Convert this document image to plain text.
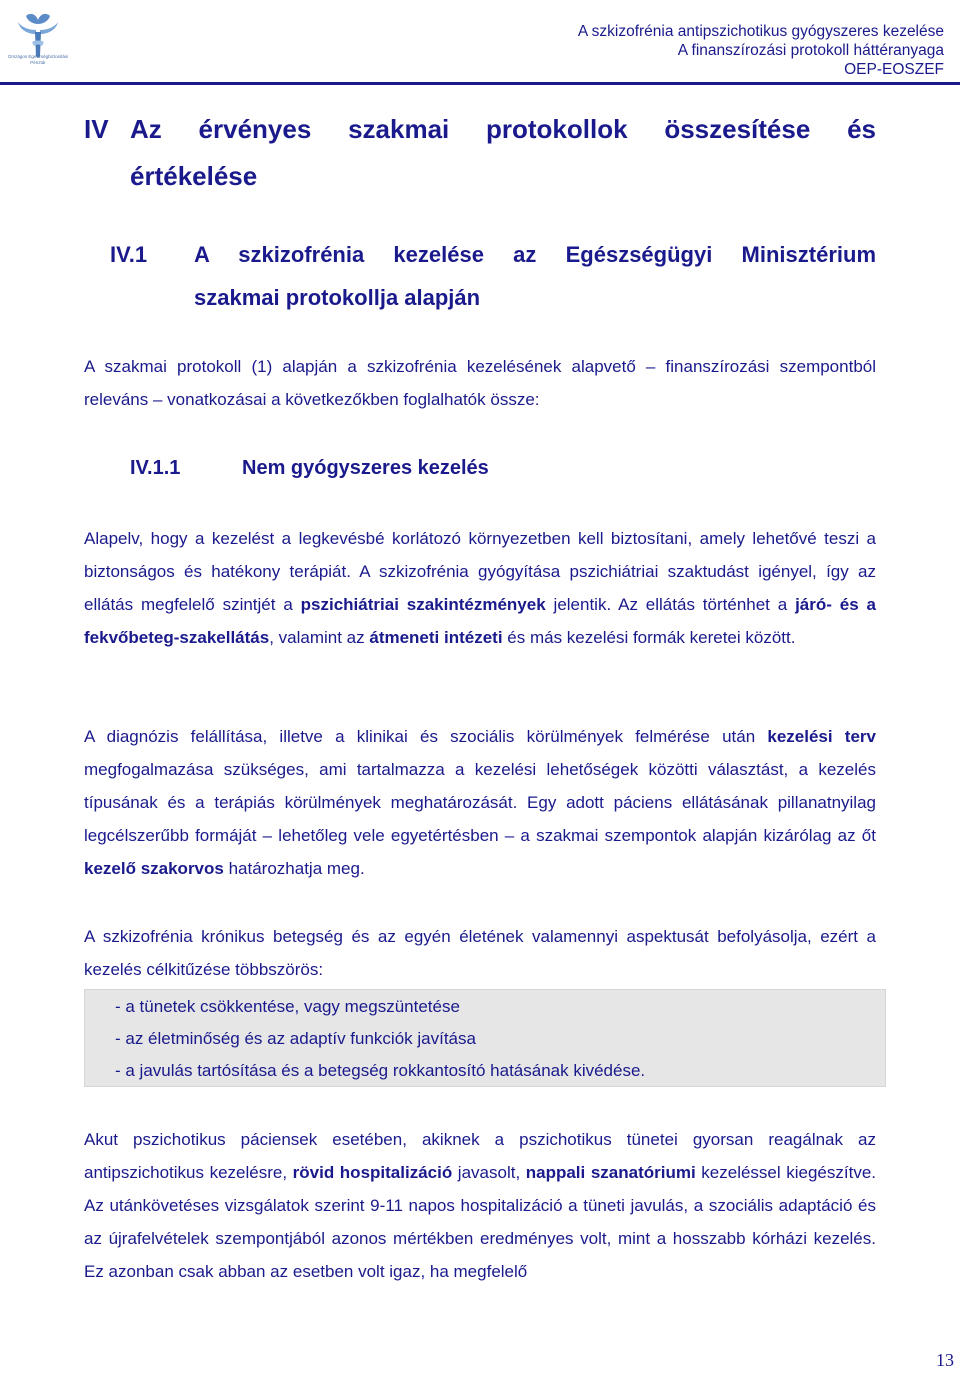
Országos Egészségbiztosítási Pénztár
A szkizofrénia antipszichotikus gyógyszeres kezelése
A finanszírozási protokoll háttéranyaga
OEP-EOSZEF
IV Az érvényes szakmai protokollok összesítése és
értékelése
IV.1 A szkizofrénia kezelése az Egészségügyi Minisztérium
szakmai protokollja alapján
A szakmai protokoll (1) alapján a szkizofrénia kezelésének alapvető – finanszírozási szempontból releváns – vonatkozásai a következőkben foglalhatók össze:
IV.1.1	Nem gyógyszeres kezelés
Alapelv, hogy a kezelést a legkevésbé korlátozó környezetben kell biztosítani, amely lehetővé teszi a biztonságos és hatékony terápiát. A szkizofrénia gyógyítása pszichiátriai szaktudást igényel, így az ellátás megfelelő szintjét a pszichiátriai szakintézmények jelentik. Az ellátás történhet a járó- és a fekvőbeteg-szakellátás, valamint az átmeneti intézeti és más kezelési formák keretei között.
A diagnózis felállítása, illetve a klinikai és szociális körülmények felmérése után kezelési terv megfogalmazása szükséges, ami tartalmazza a kezelési lehetőségek közötti választást, a kezelés típusának és a terápiás körülmények meghatározását. Egy adott páciens ellátásának pillanatnyilag legcélszerűbb formáját – lehetőleg vele egyetértésben – a szakmai szempontok alapján kizárólag az őt kezelő szakorvos határozhatja meg.
A szkizofrénia krónikus betegség és az egyén életének valamennyi aspektusát befolyásolja, ezért a kezelés célkitűzése többszörös:
- a tünetek csökkentése, vagy megszüntetése
- az életminőség és az adaptív funkciók javítása
- a javulás tartósítása és a betegség rokkantosító hatásának kivédése.
Akut pszichotikus páciensek esetében, akiknek a pszichotikus tünetei gyorsan reagálnak az antipszichotikus kezelésre, rövid hospitalizáció javasolt, nappali szanatóriumi kezeléssel kiegészítve. Az utánkövetéses vizsgálatok szerint 9-11 napos hospitalizáció a tüneti javulás, a szociális adaptáció és az újrafelvételek szempontjából azonos mértékben eredményes volt, mint a hosszabb kórházi kezelés. Ez azonban csak abban az esetben volt igaz, ha megfelelő
13
